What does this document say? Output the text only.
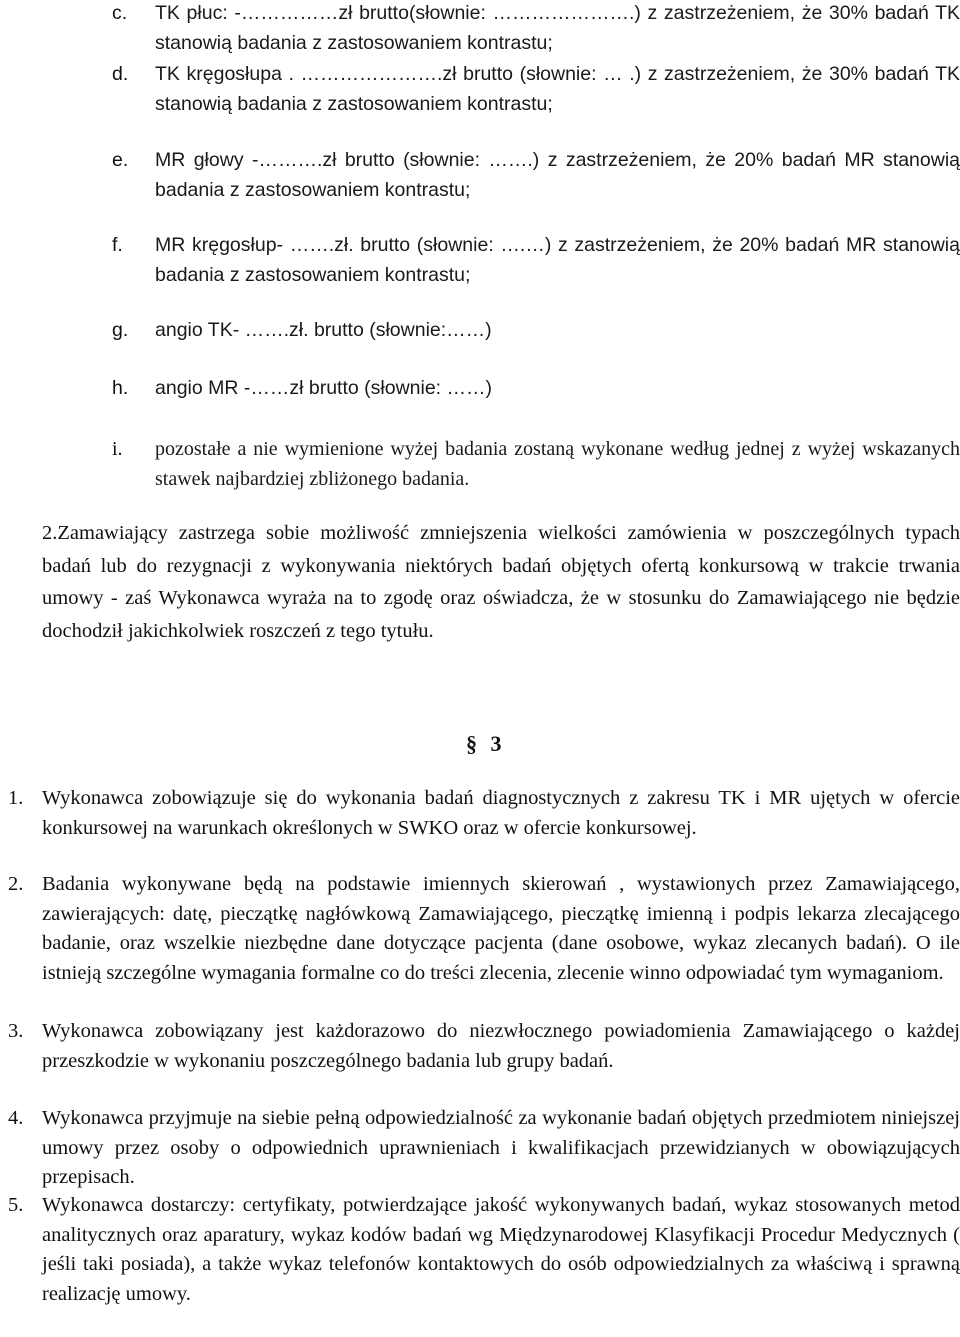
c. TK płuc: -……………zł brutto(słownie: ………………….) z zastrzeżeniem, że 30% badań TK stanowią badania z zastosowaniem kontrastu;
d. TK kręgosłupa . ………………….zł brutto (słownie: … .) z zastrzeżeniem, że 30% badań TK stanowią badania z zastosowaniem kontrastu;
e. MR głowy -……….zł brutto (słownie: …….) z zastrzeżeniem, że 20% badań MR stanowią badania z zastosowaniem kontrastu;
f. MR kręgosłup- …….zł. brutto (słownie: ….…) z zastrzeżeniem, że 20% badań MR stanowią badania z zastosowaniem kontrastu;
g. angio TK- …….zł. brutto (słownie:……)
h. angio MR -……zł brutto (słownie: ……)
i. pozostałe a nie wymienione wyżej badania zostaną wykonane według jednej z wyżej wskazanych stawek najbardziej zbliżonego badania.
2.Zamawiający zastrzega sobie możliwość zmniejszenia wielkości zamówienia w poszczególnych typach badań lub do rezygnacji z wykonywania niektórych badań objętych ofertą konkursową w trakcie trwania umowy - zaś Wykonawca wyraża na to zgodę oraz oświadcza, że w stosunku do Zamawiającego nie będzie dochodził jakichkolwiek roszczeń z tego tytułu.
§ 3
1. Wykonawca zobowiązuje się do wykonania badań diagnostycznych z zakresu TK i MR ujętych w ofercie konkursowej na warunkach określonych w SWKO oraz w ofercie konkursowej.
2. Badania wykonywane będą na podstawie imiennych skierowań , wystawionych przez Zamawiającego, zawierających: datę, pieczątkę nagłówkową Zamawiającego, pieczątkę imienną i podpis lekarza zlecającego badanie, oraz wszelkie niezbędne dane dotyczące pacjenta (dane osobowe, wykaz zlecanych badań). O ile istnieją szczególne wymagania formalne co do treści zlecenia, zlecenie winno odpowiadać tym wymaganiom.
3. Wykonawca zobowiązany jest każdorazowo do niezwłocznego powiadomienia Zamawiającego o każdej przeszkodzie w wykonaniu poszczególnego badania lub grupy badań.
4. Wykonawca przyjmuje na siebie pełną odpowiedzialność za wykonanie badań objętych przedmiotem niniejszej umowy przez osoby o odpowiednich uprawnieniach i kwalifikacjach przewidzianych w obowiązujących przepisach.
5. Wykonawca dostarczy: certyfikaty, potwierdzające jakość wykonywanych badań, wykaz stosowanych metod analitycznych oraz aparatury, wykaz kodów badań wg Międzynarodowej Klasyfikacji Procedur Medycznych ( jeśli taki posiada), a także wykaz telefonów kontaktowych do osób odpowiedzialnych za właściwą i sprawną realizację umowy.
